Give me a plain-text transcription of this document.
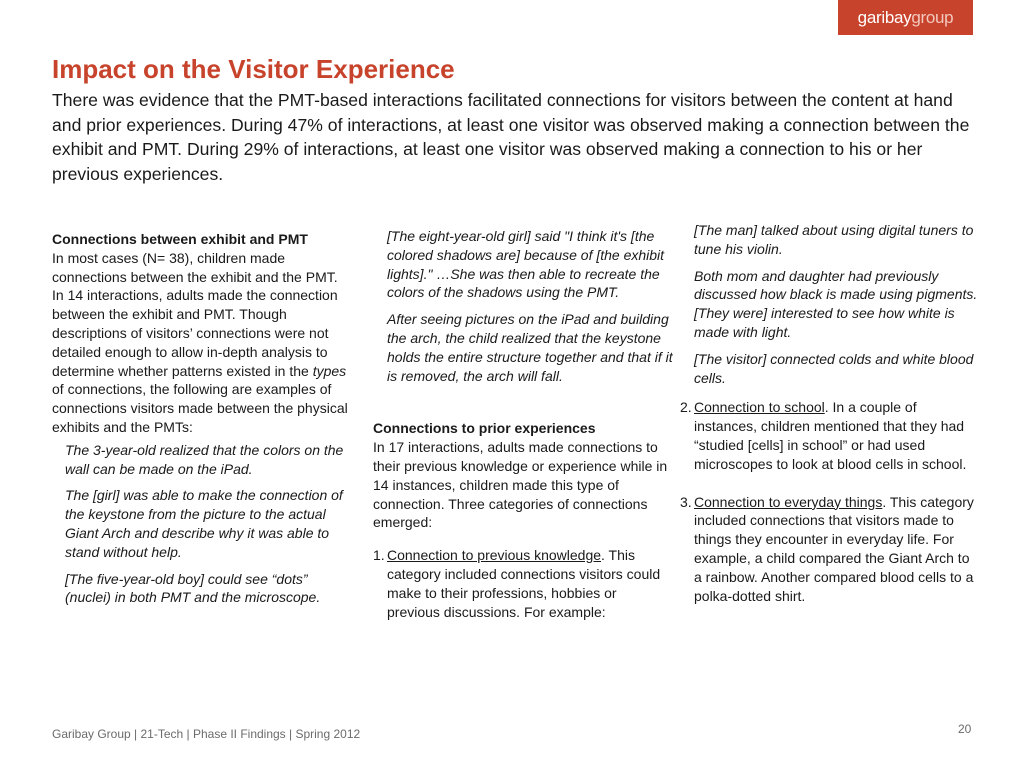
garibay group
Impact on the Visitor Experience

There was evidence that the PMT-based interactions facilitated connections for visitors between the content at hand and prior experiences. During 47% of interactions, at least one visitor was observed making a connection between the exhibit and PMT. During 29% of interactions, at least one visitor was observed making a connection to his or her previous experiences.

Connections between exhibit and PMT

In most cases (N= 38), children made connections between the exhibit and the PMT. In 14 interactions, adults made the connection between the exhibit and PMT. Though descriptions of visitors’ connections were not detailed enough to allow in-depth analysis to determine whether patterns existed in the types of connections, the following are examples of connections visitors made between the physical exhibits and the PMTs:

The 3-year-old realized that the colors on the wall can be made on the iPad.

The [girl] was able to make the connection of the keystone from the picture to the actual Giant Arch and describe why it was able to stand without help.

[The five-year-old boy] could see “dots” (nuclei) in both PMT and the microscope.

[The eight-year-old girl] said "I think it's [the colored shadows are] because of [the exhibit lights]." …She was then able to recreate the colors of the shadows using the PMT.

After seeing pictures on the iPad and building the arch, the child realized that the keystone holds the entire structure together and that if it is removed, the arch will fall.

Connections to prior experiences

In 17 interactions, adults made connections to their previous knowledge or experience while in 14 instances, children made this type of connection. Three categories of connections emerged:

1. Connection to previous knowledge. This category included connections visitors could make to their professions, hobbies or previous discussions. For example:

[The man] talked about using digital tuners to tune his violin.

Both mom and daughter had previously discussed how black is made using pigments. [They were] interested to see how white is made with light.

[The visitor] connected colds and white blood cells.

2. Connection to school. In a couple of instances, children mentioned that they had “studied [cells] in school” or had used microscopes to look at blood cells in school.
3. Connection to everyday things. This category included connections that visitors made to things they encounter in everyday life. For example, a child compared the Giant Arch to a rainbow. Another compared blood cells to a polka-dotted shirt.
Garibay Group | 21-Tech | Phase II Findings | Spring 2012	20
